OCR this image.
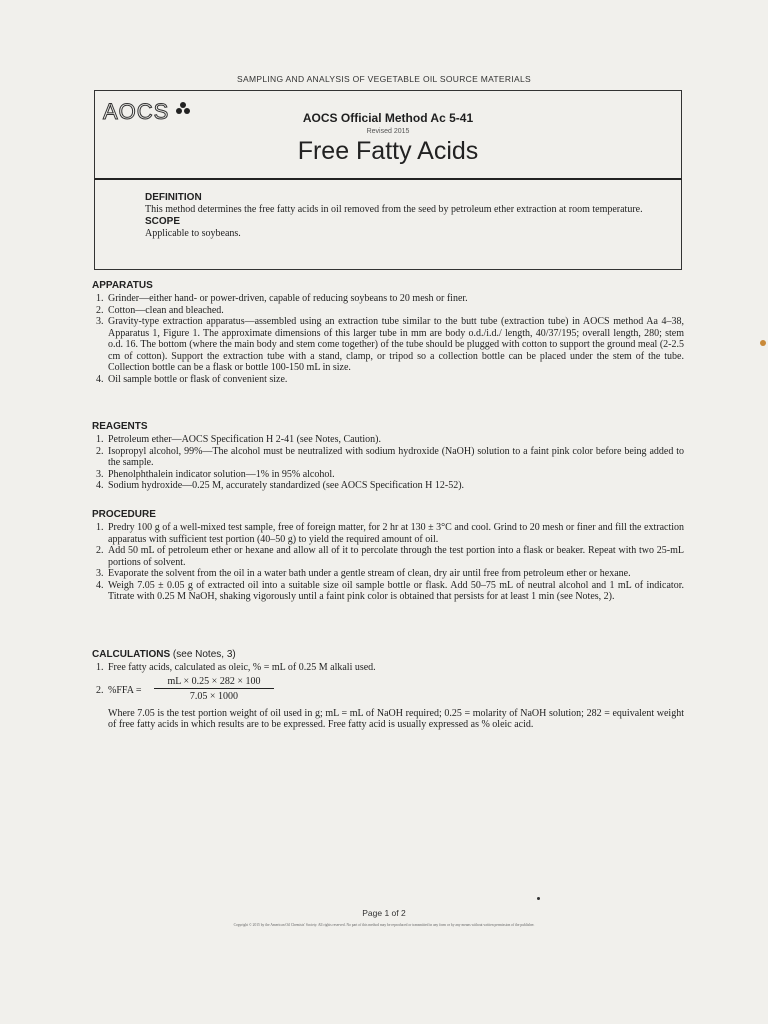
SAMPLING AND ANALYSIS OF VEGETABLE OIL SOURCE MATERIALS
AOCS	AOCS Official Method Ac 5-41
Revised 2015
Free Fatty Acids
DEFINITION
This method determines the free fatty acids in oil removed from the seed by petroleum ether extraction at room temperature.
SCOPE
Applicable to soybeans.
APPARATUS
1. Grinder—either hand- or power-driven, capable of reducing soybeans to 20 mesh or finer.
2. Cotton—clean and bleached.
3. Gravity-type extraction apparatus—assembled using an extraction tube similar to the butt tube (extraction tube) in AOCS method Aa 4–38, Apparatus 1, Figure 1. The approximate dimensions of this larger tube in mm are body o.d./i.d./ length, 40/37/195; overall length, 280; stem o.d. 16. The bottom (where the main body and stem come together) of the tube should be plugged with cotton to support the ground meal (2-2.5 cm of cotton). Support the extraction tube with a stand, clamp, or tripod so a collection bottle can be placed under the stem of the tube. Collection bottle can be a flask or bottle 100-150 mL in size.
4. Oil sample bottle or flask of convenient size.
REAGENTS
1. Petroleum ether—AOCS Specification H 2-41 (see Notes, Caution).
2. Isopropyl alcohol, 99%—The alcohol must be neutralized with sodium hydroxide (NaOH) solution to a faint pink color before being added to the sample.
3. Phenolphthalein indicator solution—1% in 95% alcohol.
4. Sodium hydroxide—0.25 M, accurately standardized (see AOCS Specification H 12-52).
PROCEDURE
1. Predry 100 g of a well-mixed test sample, free of foreign matter, for 2 hr at 130 ± 3°C and cool. Grind to 20 mesh or finer and fill the extraction apparatus with sufficient test portion (40–50 g) to yield the required amount of oil.
2. Add 50 mL of petroleum ether or hexane and allow all of it to percolate through the test portion into a flask or beaker. Repeat with two 25-mL portions of solvent.
3. Evaporate the solvent from the oil in a water bath under a gentle stream of clean, dry air until free from petroleum ether or hexane.
4. Weigh 7.05 ± 0.05 g of extracted oil into a suitable size oil sample bottle or flask. Add 50–75 mL of neutral alcohol and 1 mL of indicator. Titrate with 0.25 M NaOH, shaking vigorously until a faint pink color is obtained that persists for at least 1 min (see Notes, 2).
CALCULATIONS (see Notes, 3)
1. Free fatty acids, calculated as oleic, % = mL of 0.25 M alkali used.
2. $\%FFA = \frac{mL \times 0.25 \times 282 \times 100}{7.05 \times 1000}$
Where 7.05 is the test portion weight of oil used in g; mL = mL of NaOH required; 0.25 = molarity of NaOH solution; 282 = equivalent weight of free fatty acids in which results are to be expressed. Free fatty acid is usually expressed as % oleic acid.
Page 1 of 2
Copyright © 2015 by the American Oil Chemists' Society. All rights reserved. No part of this method may be reproduced or transmitted in any form or by any means without written permission of the publisher.
